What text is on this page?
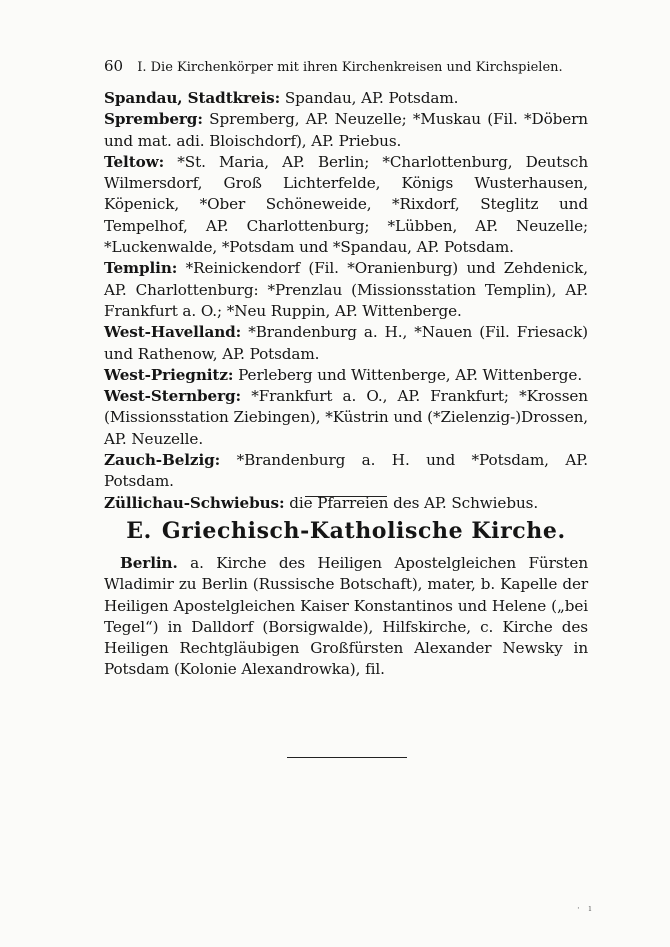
60 I. Die Kirchenkörper mit ihren Kirchenkreisen und Kirchspielen.
Spandau, Stadtkreis: Spandau, AP. Potsdam.
Spremberg: Spremberg, AP. Neuzelle; *Muskau (Fil. *Döbern und mat. adi. Bloischdorf), AP. Priebus.
Teltow: *St. Maria, AP. Berlin; *Charlottenburg, Deutsch Wilmersdorf, Groß Lichterfelde, Königs Wusterhausen, Köpenick, *Ober Schöneweide, *Rixdorf, Steglitz und Tempelhof, AP. Charlottenburg; *Lübben, AP. Neuzelle; *Luckenwalde, *Potsdam und *Spandau, AP. Potsdam.
Templin: *Reinickendorf (Fil. *Oranienburg) und Zehdenick, AP. Charlottenburg: *Prenzlau (Missionsstation Templin), AP. Frankfurt a. O.; *Neu Ruppin, AP. Wittenberge.
West-Havelland: *Brandenburg a. H., *Nauen (Fil. Friesack) und Rathenow, AP. Potsdam.
West-Priegnitz: Perleberg und Wittenberge, AP. Wittenberge.
West-Sternberg: *Frankfurt a. O., AP. Frankfurt; *Krossen (Missionsstation Ziebingen), *Küstrin und (*Zielenzig-)Drossen, AP. Neuzelle.
Zauch-Belzig: *Brandenburg a. H. und *Potsdam, AP. Potsdam.
Züllichau-Schwiebus: die Pfarreien des AP. Schwiebus.
E. Griechisch-Katholische Kirche.
Berlin. a. Kirche des Heiligen Apostelgleichen Fürsten Wladimir zu Berlin (Russische Botschaft), mater, b. Kapelle der Heiligen Apostelgleichen Kaiser Konstantinos und Helene („bei Tegel“) in Dalldorf (Borsigwalde), Hilfskirche, c. Kirche des Heiligen Rechtgläubigen Großfürsten Alexander Newsky in Potsdam (Kolonie Alexandrowka), fil.
·   ı
